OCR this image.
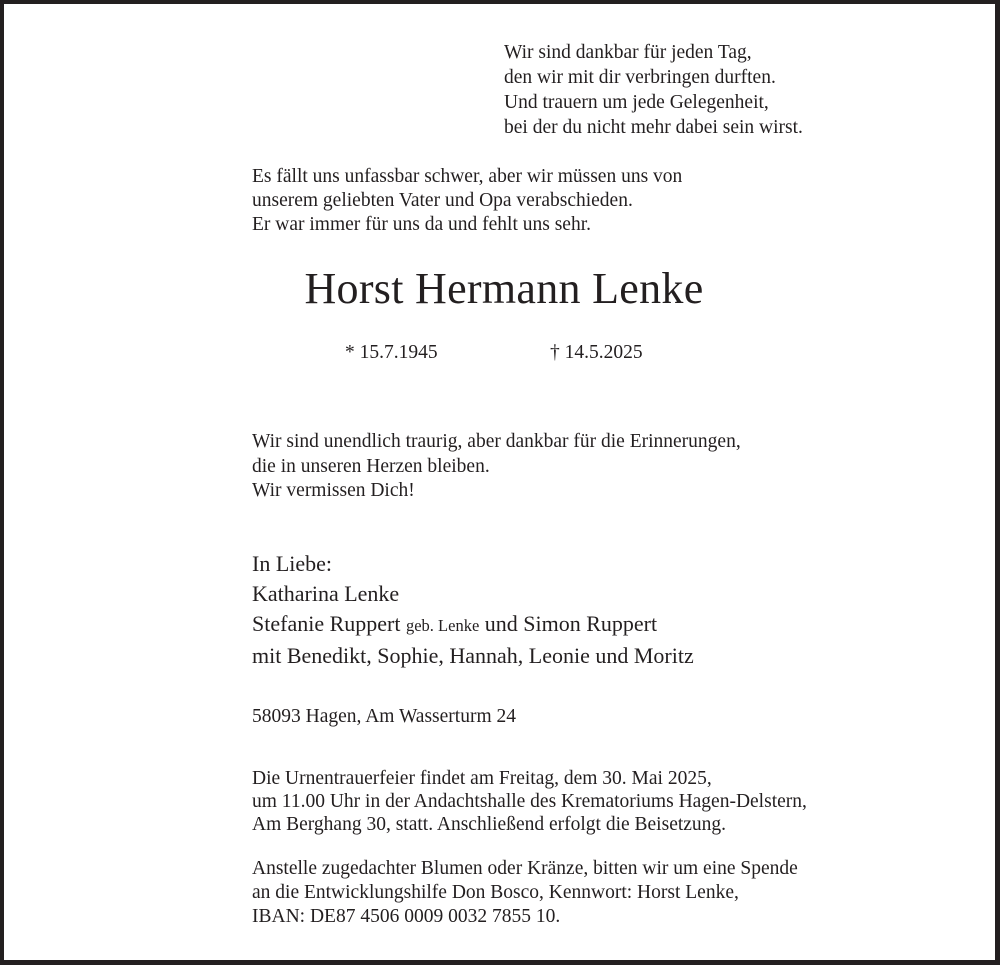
Wir sind dankbar für jeden Tag,
den wir mit dir verbringen durften.
Und trauern um jede Gelegenheit,
bei der du nicht mehr dabei sein wirst.

Es fällt uns unfassbar schwer, aber wir müssen uns von
unserem geliebten Vater und Opa verabschieden.
Er war immer für uns da und fehlt uns sehr.

Horst Hermann Lenke
* 15.7.1945	† 14.5.2025

Wir sind unendlich traurig, aber dankbar für die Erinnerungen,
die in unseren Herzen bleiben.
Wir vermissen Dich!

In Liebe:
Katharina Lenke
Stefanie Ruppert geb. Lenke und Simon Ruppert
mit Benedikt, Sophie, Hannah, Leonie und Moritz

58093 Hagen, Am Wasserturm 24

Die Urnentrauerfeier findet am Freitag, dem 30. Mai 2025,
um 11.00 Uhr in der Andachtshalle des Krematoriums Hagen-Delstern,
Am Berghang 30, statt. Anschließend erfolgt die Beisetzung.

Anstelle zugedachter Blumen oder Kränze, bitten wir um eine Spende
an die Entwicklungshilfe Don Bosco, Kennwort: Horst Lenke,
IBAN: DE87 4506 0009 0032 7855 10.
